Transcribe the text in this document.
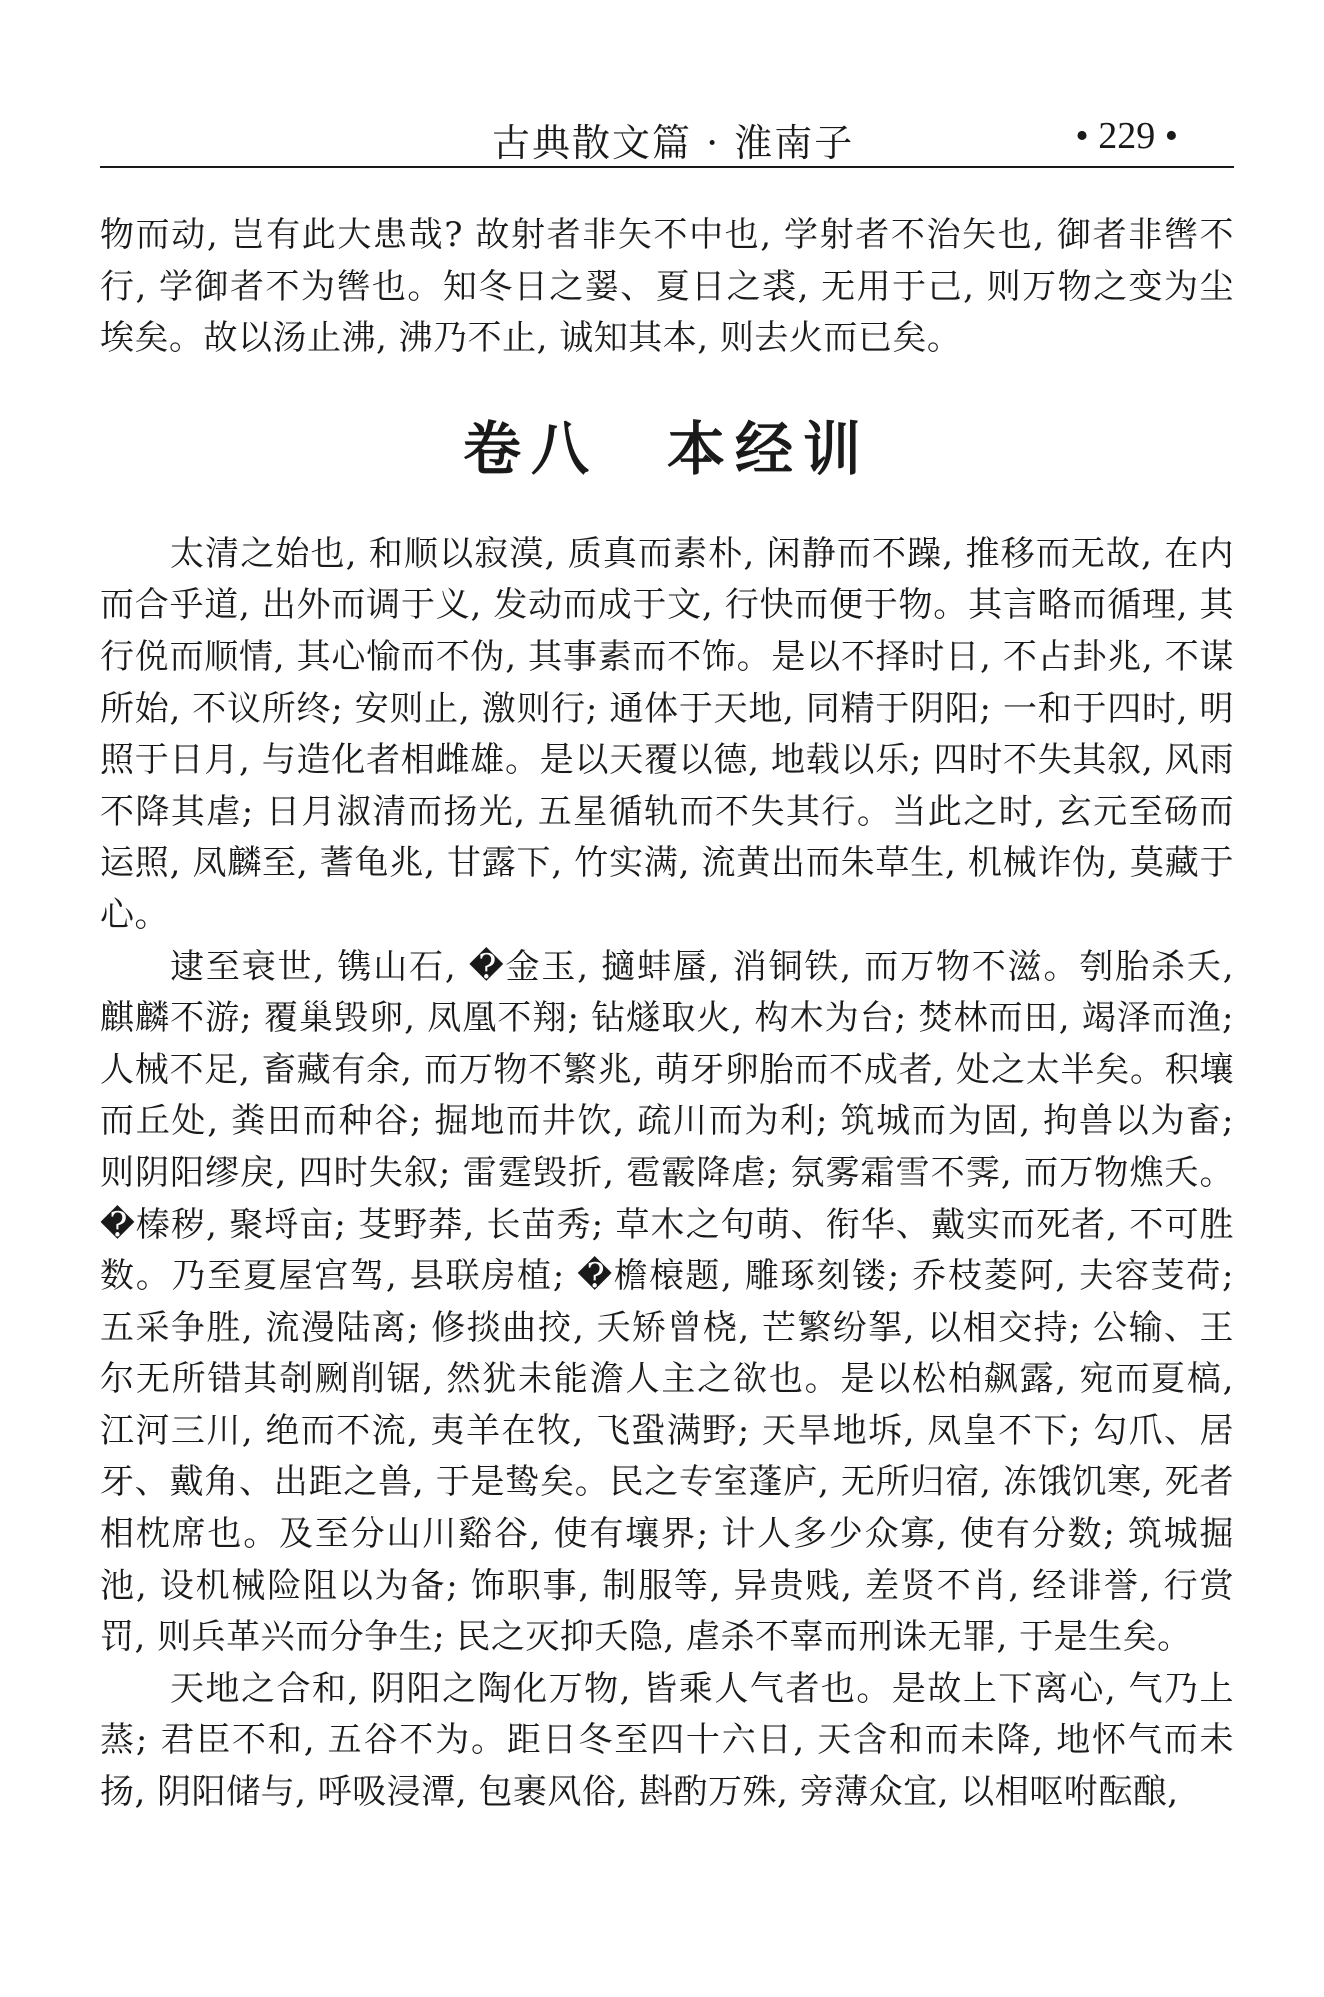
古典散文篇 · 淮南子	• 229 •

物而动, 岂有此大患哉? 故射者非矢不中也, 学射者不治矢也, 御者非辔不行, 学御者不为辔也。知冬日之翣、夏日之裘, 无用于己, 则万物之变为尘埃矣。故以汤止沸, 沸乃不止, 诚知其本, 则去火而已矣。

卷八　本经训

太清之始也, 和顺以寂漠, 质真而素朴, 闲静而不躁, 推移而无故, 在内而合乎道, 出外而调于义, 发动而成于文, 行快而便于物。其言略而循理, 其行侻而顺情, 其心愉而不伪, 其事素而不饰。是以不择时日, 不占卦兆, 不谋所始, 不议所终; 安则止, 激则行; 通体于天地, 同精于阴阳; 一和于四时, 明照于日月, 与造化者相雌雄。是以天覆以德, 地载以乐; 四时不失其叙, 风雨不降其虐; 日月淑清而扬光, 五星循轨而不失其行。当此之时, 玄元至砀而运照, 凤麟至, 蓍龟兆, 甘露下, 竹实满, 流黄出而朱草生, 机械诈伪, 莫藏于心。

逮至衰世, 镌山石, �金玉, 擿蚌蜃, 消铜铁, 而万物不滋。刳胎杀夭, 麒麟不游; 覆巢毁卵, 凤凰不翔; 钻燧取火, 构木为台; 焚林而田, 竭泽而渔; 人械不足, 畜藏有余, 而万物不繁兆, 萌牙卵胎而不成者, 处之太半矣。积壤而丘处, 粪田而种谷; 掘地而井饮, 疏川而为利; 筑城而为固, 拘兽以为畜; 则阴阳缪戾, 四时失叙; 雷霆毁折, 雹霰降虐; 氛雾霜雪不霁, 而万物燋夭。�榛秽, 聚埒亩; 芟野莽, 长苗秀; 草木之句萌、衔华、戴实而死者, 不可胜数。乃至夏屋宫驾, 县联房植; �檐榱题, 雕琢刻镂; 乔枝菱阿, 夫容芰荷; 五采争胜, 流漫陆离; 修掞曲挍, 夭矫曾桡, 芒繁纷挐, 以相交持; 公输、王尔无所错其剞劂削锯, 然犹未能澹人主之欲也。是以松柏飙露, 宛而夏槁, 江河三川, 绝而不流, 夷羊在牧, 飞蛩满野; 天旱地坼, 凤皇不下; 勾爪、居牙、戴角、出距之兽, 于是鸷矣。民之专室蓬庐, 无所归宿, 冻饿饥寒, 死者相枕席也。及至分山川谿谷, 使有壤界; 计人多少众寡, 使有分数; 筑城掘池, 设机械险阻以为备; 饰职事, 制服等, 异贵贱, 差贤不肖, 经诽誉, 行赏罚, 则兵革兴而分争生; 民之灭抑夭隐, 虐杀不辜而刑诛无罪, 于是生矣。

天地之合和, 阴阳之陶化万物, 皆乘人气者也。是故上下离心, 气乃上蒸; 君臣不和, 五谷不为。距日冬至四十六日, 天含和而未降, 地怀气而未扬, 阴阳储与, 呼吸浸潭, 包裹风俗, 斟酌万殊, 旁薄众宜, 以相呕咐酝酿,
